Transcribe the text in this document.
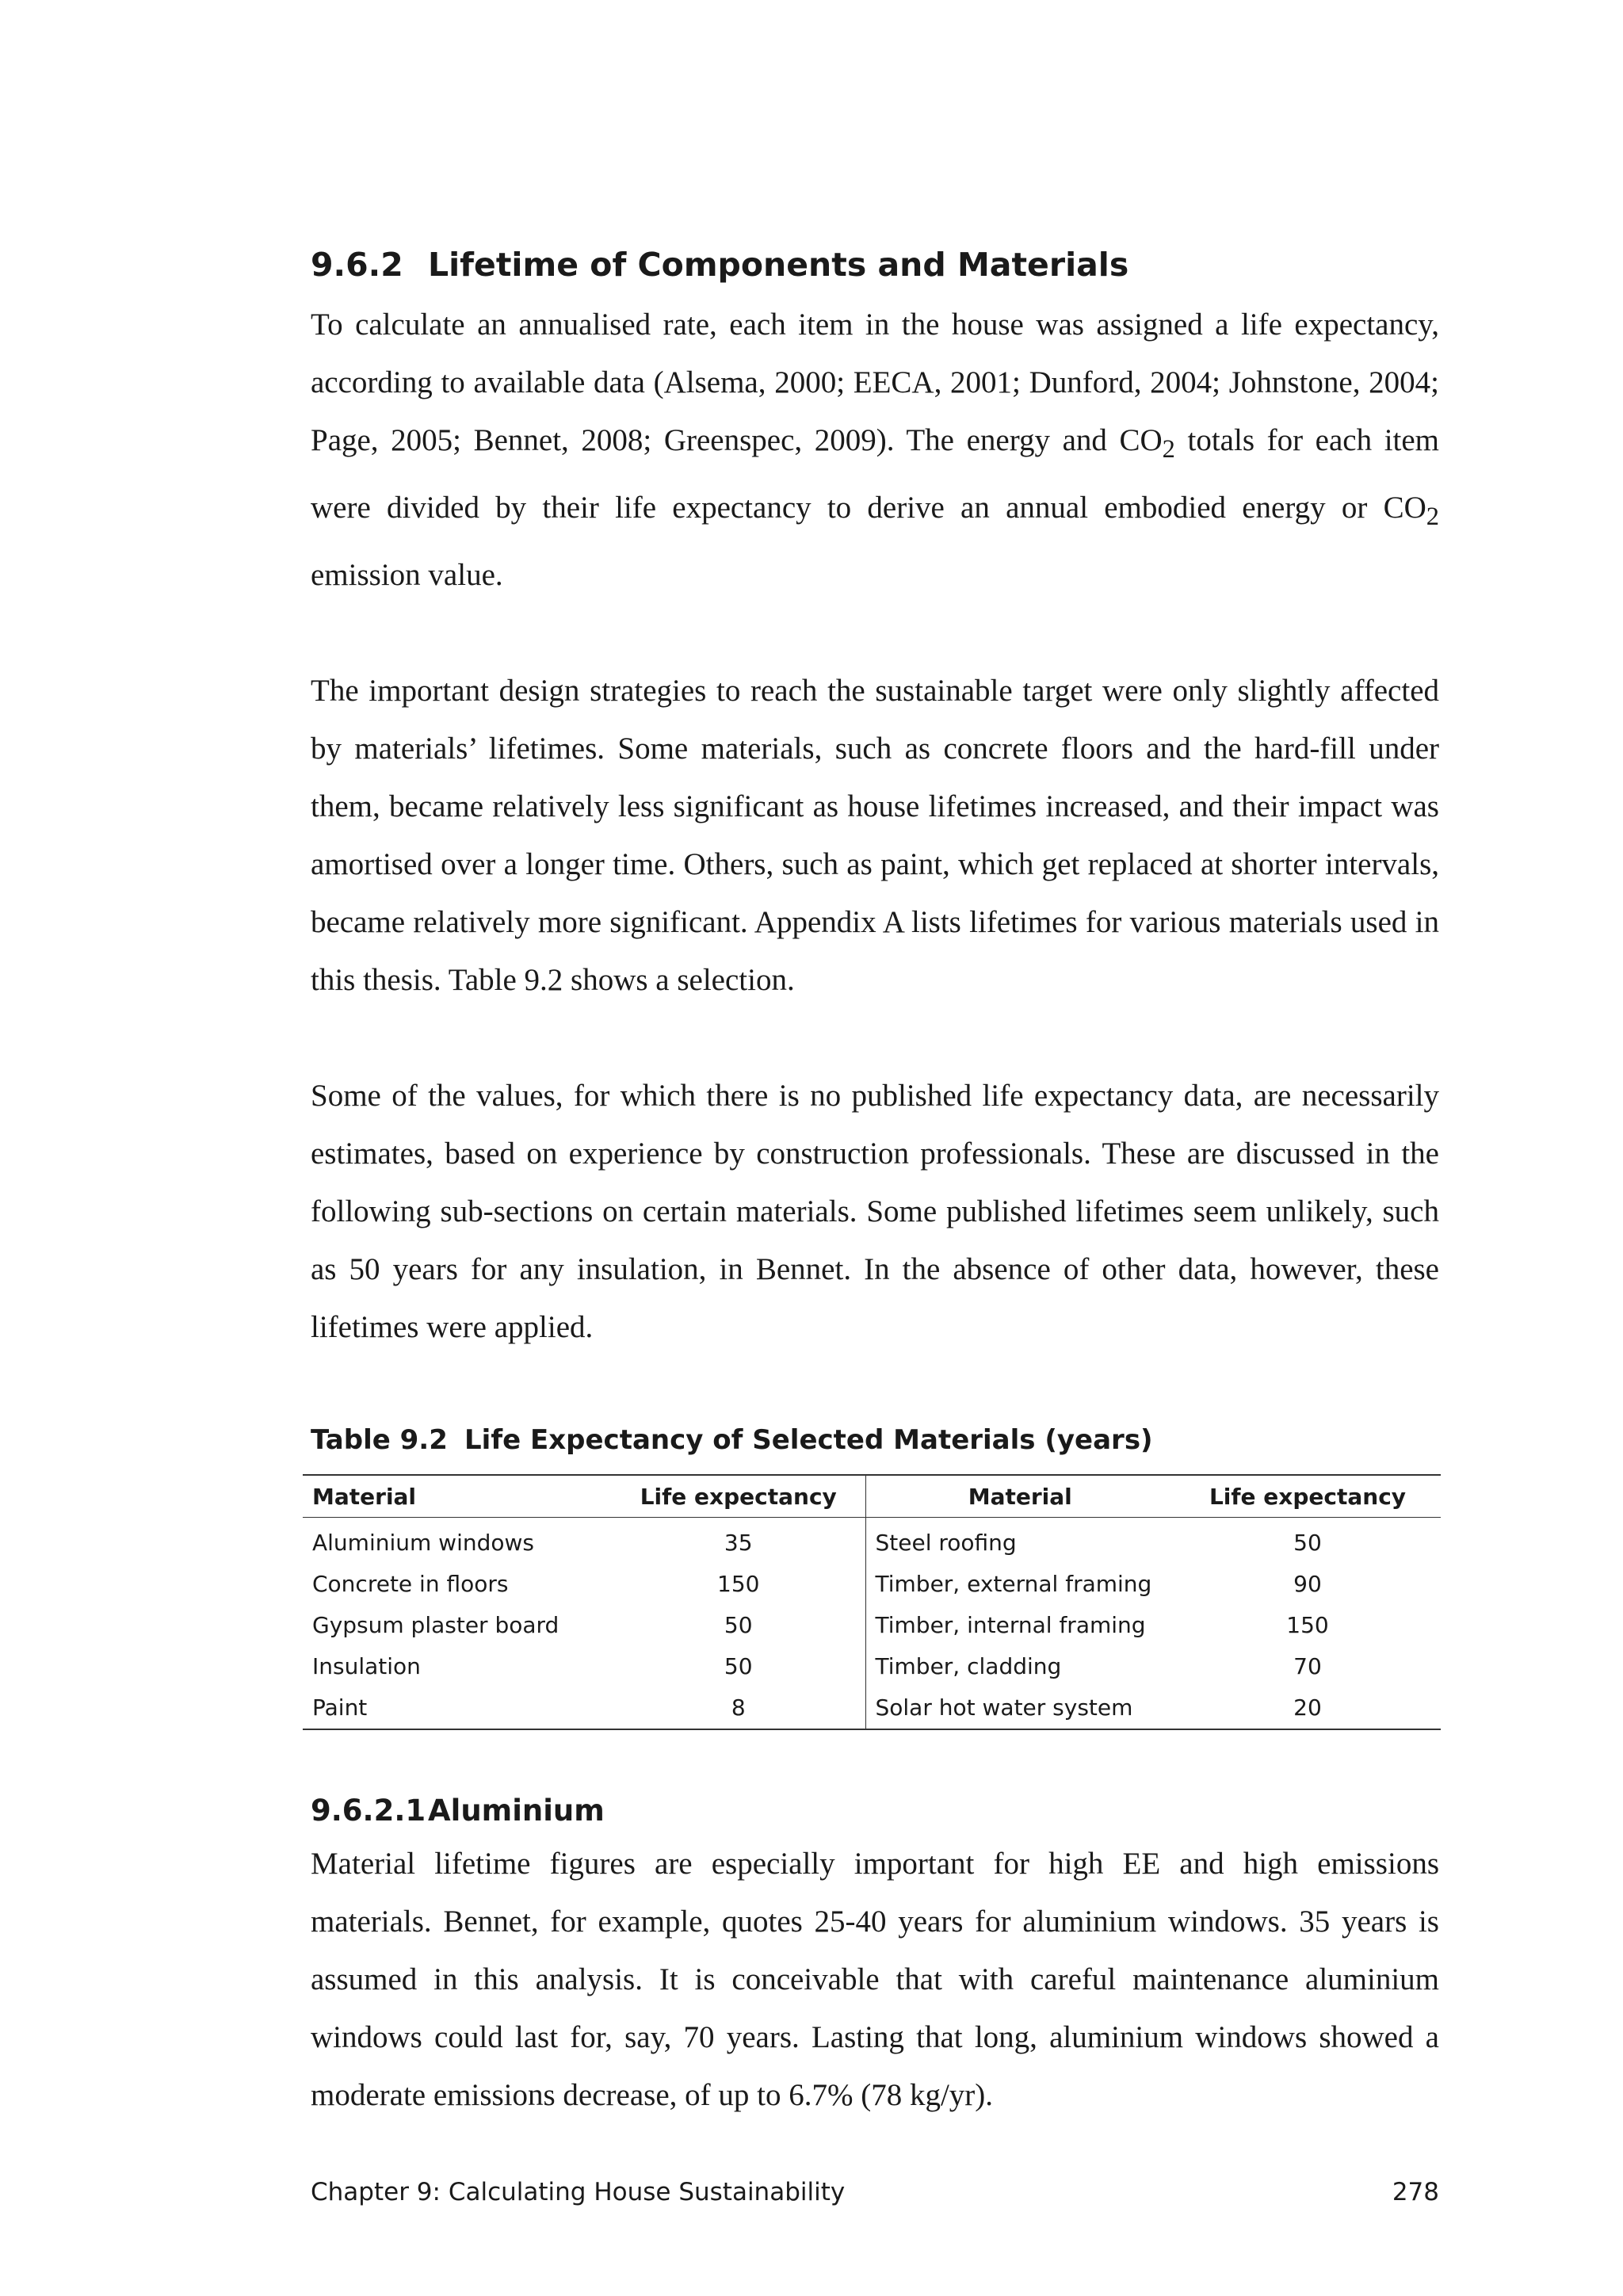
9.6.2 Lifetime of Components and Materials

To calculate an annualised rate, each item in the house was assigned a life expectancy, according to available data (Alsema, 2000; EECA, 2001; Dunford, 2004; Johnstone, 2004; Page, 2005; Bennet, 2008; Greenspec, 2009). The energy and $CO_2$ totals for each item were divided by their life expectancy to derive an annual embodied energy or $CO_2$ emission value.

The important design strategies to reach the sustainable target were only slightly affected by materials’ lifetimes. Some materials, such as concrete floors and the hard-fill under them, became relatively less significant as house lifetimes increased, and their impact was amortised over a longer time. Others, such as paint, which get replaced at shorter intervals, became relatively more significant. Appendix A lists lifetimes for various materials used in this thesis. Table 9.2 shows a selection.

Some of the values, for which there is no published life expectancy data, are necessarily estimates, based on experience by construction professionals. These are discussed in the following sub-sections on certain materials. Some published lifetimes seem unlikely, such as 50 years for any insulation, in Bennet. In the absence of other data, however, these lifetimes were applied.

Table 9.2 Life Expectancy of Selected Materials (years)
Material	Life expectancy	Material	Life expectancy
Aluminium windows	35	Steel roofing	50
Concrete in floors	150	Timber, external framing	90
Gypsum plaster board	50	Timber, internal framing	150
Insulation	50	Timber, cladding	70
Paint	8	Solar hot water system	20
9.6.2.1Aluminium

Material lifetime figures are especially important for high EE and high emissions materials. Bennet, for example, quotes 25-40 years for aluminium windows. 35 years is assumed in this analysis. It is conceivable that with careful maintenance aluminium windows could last for, say, 70 years. Lasting that long, aluminium windows showed a moderate emissions decrease, of up to 6.7% (78 kg/yr).

Chapter 9: Calculating House Sustainability	278
